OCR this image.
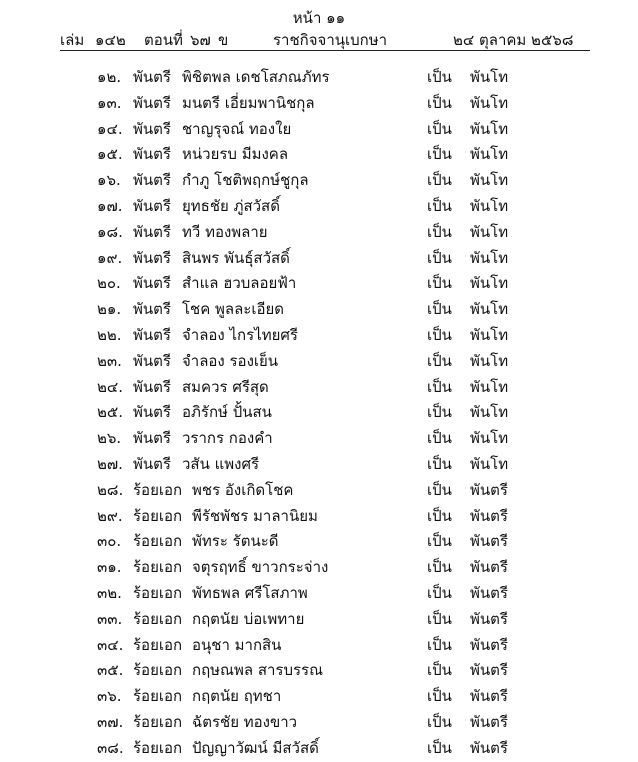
หน้า ๑๑
เล่ม ๑๔๒ ตอนที่ ๖๗ ข	ราชกิจจานุเบกษา	๒๔ ตุลาคม ๒๕๖๘
๑๒. พันตรี พิชิตพล เดชโสภณภัทร	เป็น พันโท
๑๓. พันตรี มนตรี เอี่ยมพานิชกุล	เป็น พันโท
๑๔. พันตรี ชาญรุจณ์ ทองใย	เป็น พันโท
๑๕. พันตรี หน่วยรบ มีมงคล	เป็น พันโท
๑๖. พันตรี กำภู โชติพฤกษ์ชูกุล	เป็น พันโท
๑๗. พันตรี ยุทธชัย ภู่สวัสดิ์	เป็น พันโท
๑๘. พันตรี ทวี ทองพลาย	เป็น พันโท
๑๙. พันตรี สินพร พันธุ์สวัสดิ์	เป็น พันโท
๒๐. พันตรี สำแล ฮวบลอยฟ้า	เป็น พันโท
๒๑. พันตรี โชค พูลละเอียด	เป็น พันโท
๒๒. พันตรี จำลอง ไกรไทยศรี	เป็น พันโท
๒๓. พันตรี จำลอง รองเย็น	เป็น พันโท
๒๔. พันตรี สมควร ศรีสุด	เป็น พันโท
๒๕. พันตรี อภิรักษ์ ปั้นสน	เป็น พันโท
๒๖. พันตรี วรากร กองคำ	เป็น พันโท
๒๗. พันตรี วสัน แพงศรี	เป็น พันโท
๒๘. ร้อยเอก พชร อังเกิดโชค	เป็น พันตรี
๒๙. ร้อยเอก พีรัชพัชร มาลานิยม	เป็น พันตรี
๓๐. ร้อยเอก พัทระ รัตนะดี	เป็น พันตรี
๓๑. ร้อยเอก จตุรฤทธิ์ ขาวกระจ่าง	เป็น พันตรี
๓๒. ร้อยเอก พัทธพล ศรีโสภาพ	เป็น พันตรี
๓๓. ร้อยเอก กฤตนัย บ่อเพทาย	เป็น พันตรี
๓๔. ร้อยเอก อนุชา มากสิน	เป็น พันตรี
๓๕. ร้อยเอก กฤษณพล สารบรรณ	เป็น พันตรี
๓๖. ร้อยเอก กฤตนัย ฤทชา	เป็น พันตรี
๓๗. ร้อยเอก ฉัตรชัย ทองขาว	เป็น พันตรี
๓๘. ร้อยเอก ปัญญาวัฒน์ มีสวัสดิ์	เป็น พันตรี
